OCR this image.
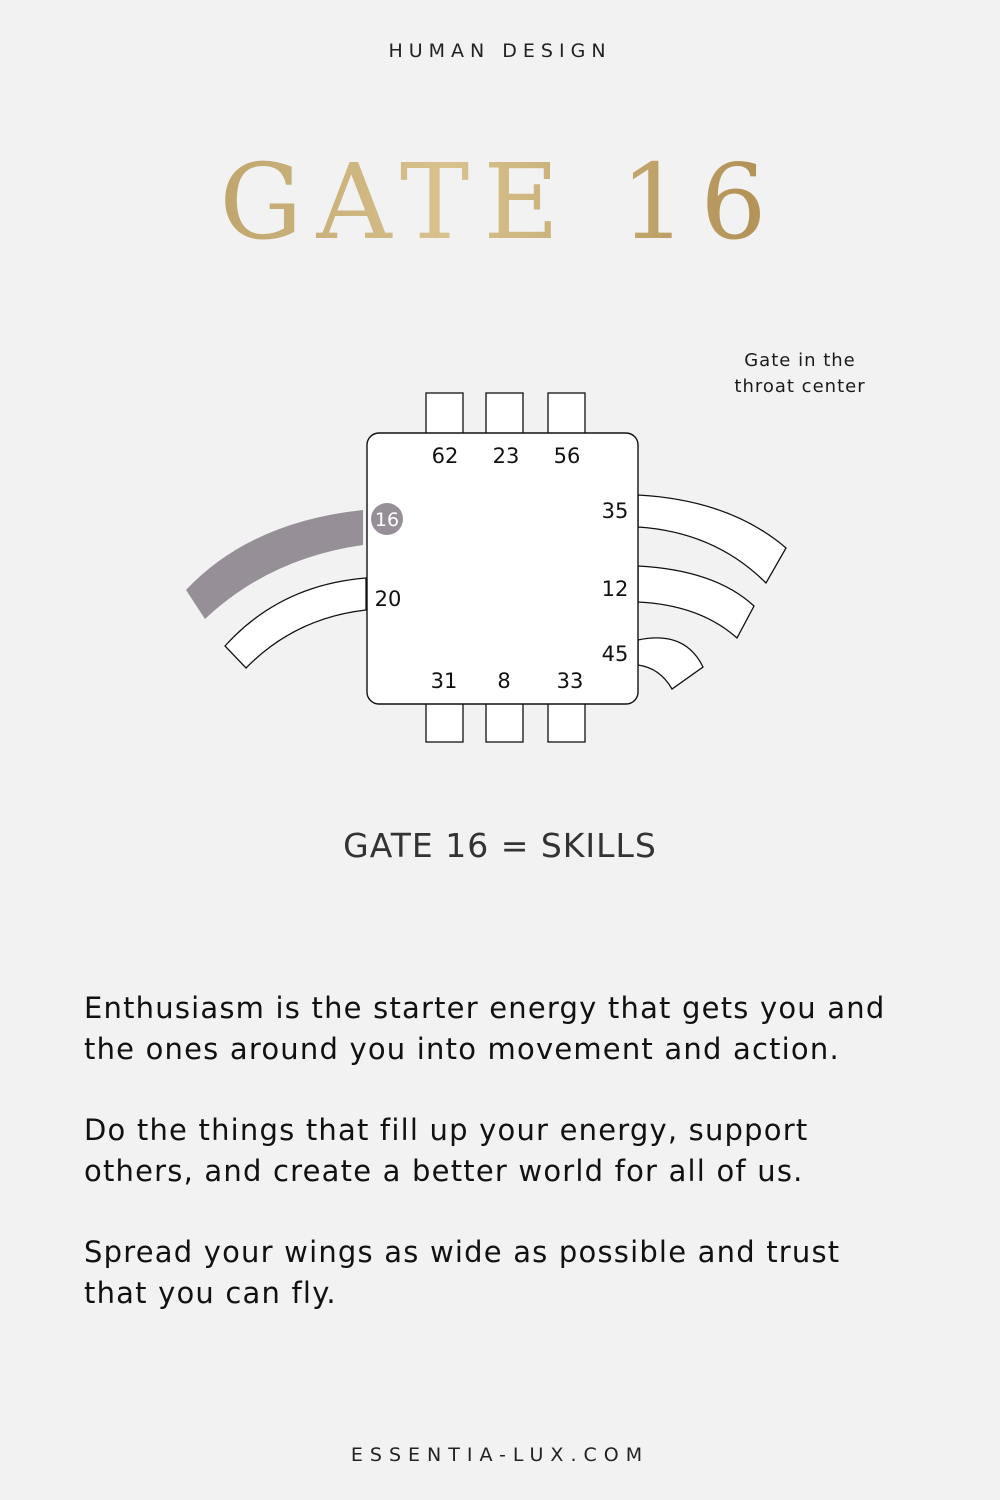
HUMAN DESIGN
GATE 16
Gate in the
throat center
16
62 23 56
35
12
45
20
31 8 33
GATE 16 = SKILLS

Enthusiasm is the starter energy that gets you and
the ones around you into movement and action.

Do the things that fill up your energy, support
others, and create a better world for all of us.

Spread your wings as wide as possible and trust
that you can fly.

ESSENTIA-LUX.COM
